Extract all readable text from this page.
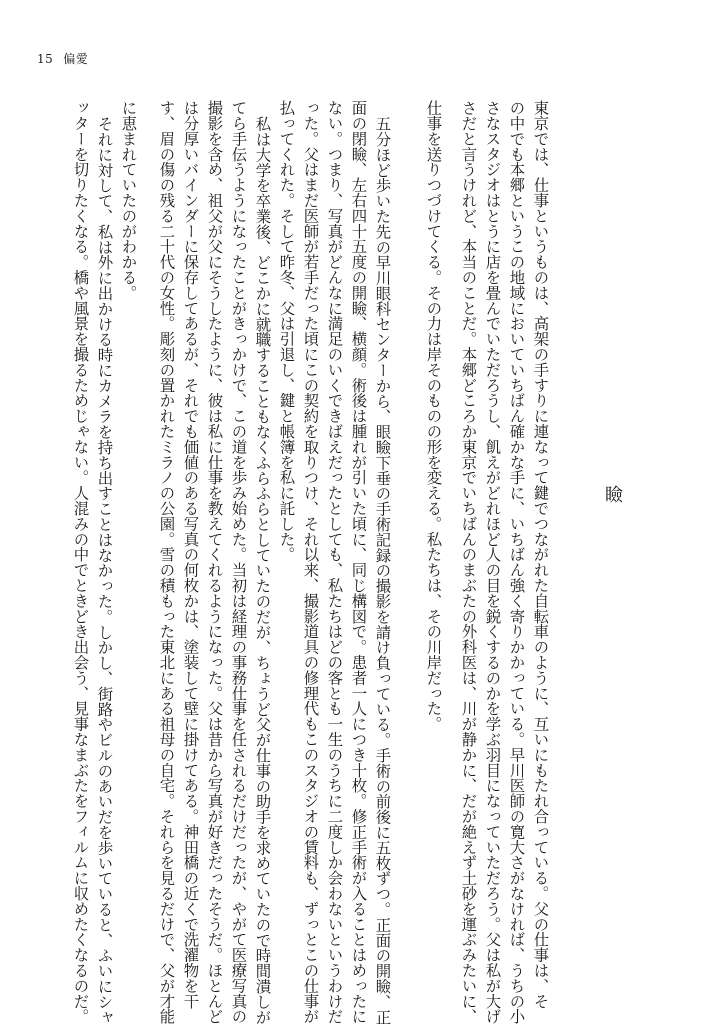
15 偏愛
瞼
東京では、仕事というものは、高架の手すりに連なって鍵でつながれた自転車のように、互いにもたれ合っている。父の仕事は、そ
の中でも本郷というこの地域においていちばん確かな手に、いちばん強く寄りかかっている。早川医師の寛大さがなければ、うちの小
さなスタジオはとうに店を畳んでいただろうし、飢えがどれほど人の目を鋭くするのかを学ぶ羽目になっていただろう。父は私が大げ
さだと言うけれど、本当のことだ。本郷どころか東京でいちばんのまぶたの外科医は、川が静かに、だが絶えず土砂を運ぶみたいに、
仕事を送りつづけてくる。その力は岸そのものの形を変える。私たちは、その川岸だった。
五分ほど歩いた先の早川眼科センターから、眼瞼下垂の手術記録の撮影を請け負っている。手術の前後に五枚ずつ。正面の開瞼、正
面の閉瞼、左右四十五度の開瞼、横顔。術後は腫れが引いた頃に、同じ構図で。患者一人につき十枚。修正手術が入ることはめったに
ない。つまり、写真がどんなに満足のいくできばえだったとしても、私たちはどの客とも一生のうちに二度しか会わないというわけだ
った。父はまだ医師が若手だった頃にこの契約を取りつけ、それ以来、撮影道具の修理代もこのスタジオの賃料も、ずっとこの仕事が
払ってくれた。そして昨冬、父は引退し、鍵と帳簿を私に託した。
私は大学を卒業後、どこかに就職することもなくふらふらとしていたのだが、ちょうど父が仕事の助手を求めていたので時間潰しが
てら手伝うようになったことがきっかけで、この道を歩み始めた。当初は経理の事務仕事を任されるだけだったが、やがて医療写真の
撮影を含め、祖父が父にそうしたように、彼は私に仕事を教えてくれるようになった。父は昔から写真が好きだったそうだ。ほとんど
は分厚いバインダーに保存してあるが、それでも価値のある写真の何枚かは、塗装して壁に掛けてある。神田橋の近くで洗濯物を干
す、眉の傷の残る二十代の女性。彫刻の置かれたミラノの公園。雪の積もった東北にある祖母の自宅。それらを見るだけで、父が才能
に恵まれていたのがわかる。
それに対して、私は外に出かける時にカメラを持ち出すことはなかった。しかし、街路やビルのあいだを歩いていると、ふいにシャ
ッターを切りたくなる。橋や風景を撮るためじゃない。人混みの中でときどき出会う、見事なまぶたをフィルムに収めたくなるのだ。
